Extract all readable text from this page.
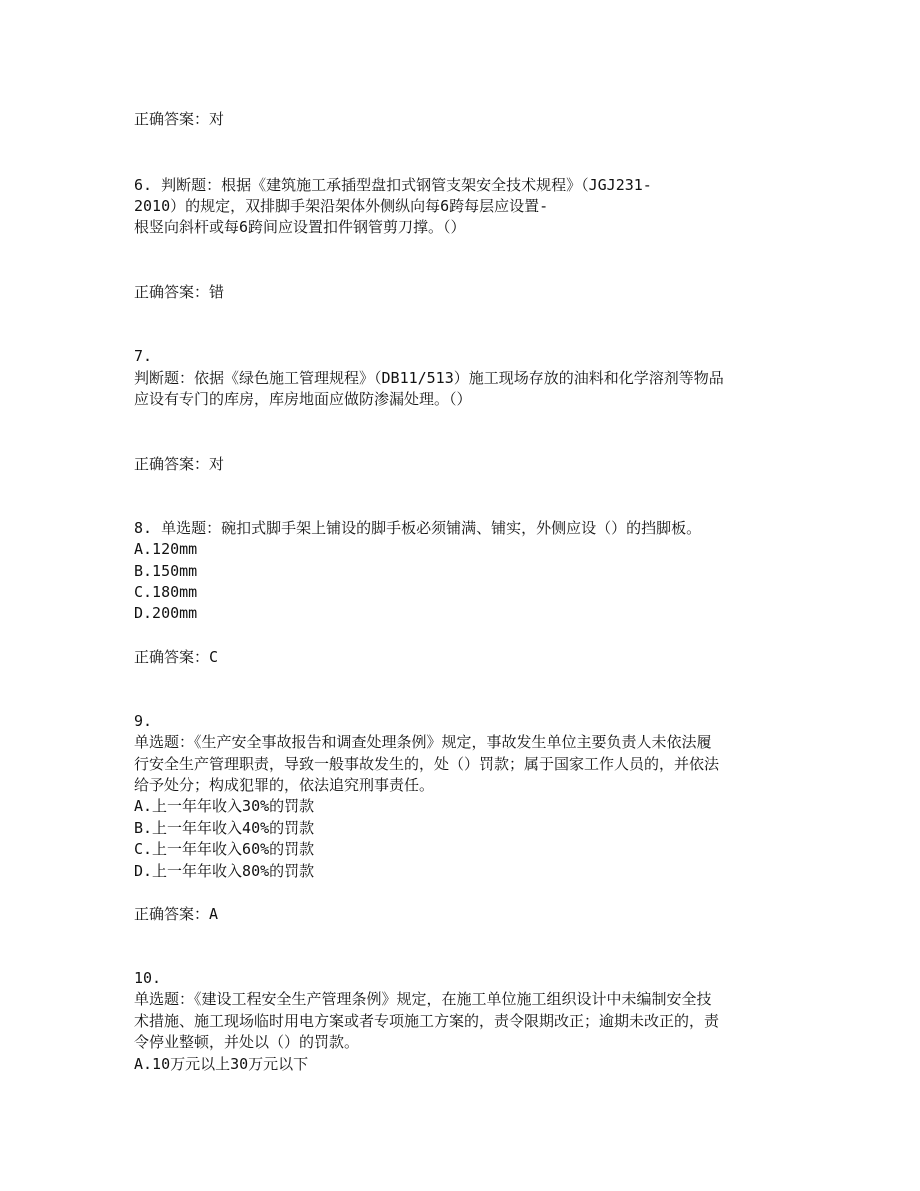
正确答案：对
6. 判断题：根据《建筑施工承插型盘扣式钢管支架安全技术规程》（JGJ231-
2010）的规定，双排脚手架沿架体外侧纵向每6跨每层应设置-
根竖向斜杆或每6跨间应设置扣件钢管剪刀撑。（）
正确答案：错
7.
判断题：依据《绿色施工管理规程》（DB11/513）施工现场存放的油料和化学溶剂等物品
应设有专门的库房，库房地面应做防渗漏处理。（）
正确答案：对
8. 单选题：碗扣式脚手架上铺设的脚手板必须铺满、铺实，外侧应设（）的挡脚板。
A.120mm
B.150mm
C.180mm
D.200mm
正确答案：C
9.
单选题：《生产安全事故报告和调查处理条例》规定，事故发生单位主要负责人未依法履
行安全生产管理职责，导致一般事故发生的，处（）罚款；属于国家工作人员的，并依法
给予处分；构成犯罪的，依法追究刑事责任。
A.上一年年收入30%的罚款
B.上一年年收入40%的罚款
C.上一年年收入60%的罚款
D.上一年年收入80%的罚款
正确答案：A
10.
单选题：《建设工程安全生产管理条例》规定，在施工单位施工组织设计中未编制安全技
术措施、施工现场临时用电方案或者专项施工方案的，责令限期改正；逾期未改正的，责
令停业整顿，并处以（）的罚款。
A.10万元以上30万元以下
